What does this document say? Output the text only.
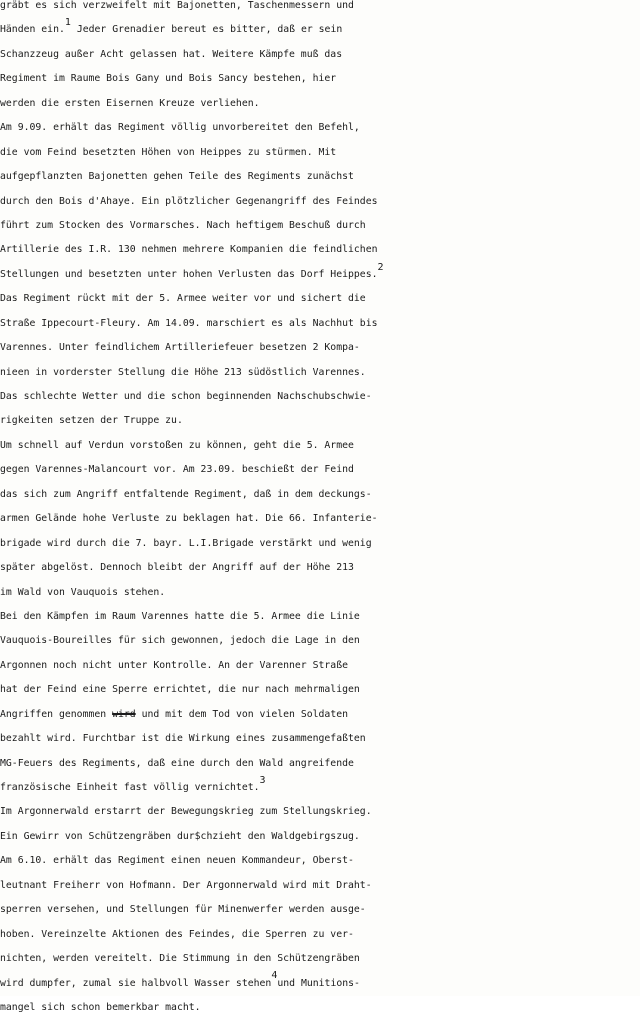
gräbt es sich verzweifelt mit Bajonetten, Taschenmessern und
Händen ein.$^1$ Jeder Grenadier bereut es bitter, daß er sein
Schanzzeug außer Acht gelassen hat. Weitere Kämpfe muß das
Regiment im Raume Bois Gany und Bois Sancy bestehen, hier
werden die ersten Eisernen Kreuze verliehen.
Am 9.09. erhält das Regiment völlig unvorbereitet den Befehl,
die vom Feind besetzten Höhen von Heippes zu stürmen. Mit
aufgepflanzten Bajonetten gehen Teile des Regiments zunächst
durch den Bois d'Ahaye. Ein plötzlicher Gegenangriff des Feindes
führt zum Stocken des Vormarsches. Nach heftigem Beschuß durch
Artillerie des I.R. 130 nehmen mehrere Kompanien die feindlichen
Stellungen und besetzten unter hohen Verlusten das Dorf Heippes.$^2$
Das Regiment rückt mit der 5. Armee weiter vor und sichert die
Straße Ippecourt-Fleury. Am 14.09. marschiert es als Nachhut bis
Varennes. Unter feindlichem Artilleriefeuer besetzen 2 Kompa-
nieen in vorderster Stellung die Höhe 213 südöstlich Varennes.
Das schlechte Wetter und die schon beginnenden Nachschubschwie-
rigkeiten setzen der Truppe zu.
Um schnell auf Verdun vorstoßen zu können, geht die 5. Armee
gegen Varennes-Malancourt vor. Am 23.09. beschießt der Feind
das sich zum Angriff entfaltende Regiment, daß in dem deckungs-
armen Gelände hohe Verluste zu beklagen hat. Die 66. Infanterie-
brigade wird durch die 7. bayr. L.I.Brigade verstärkt und wenig
später abgelöst. Dennoch bleibt der Angriff auf der Höhe 213
im Wald von Vauquois stehen.
Bei den Kämpfen im Raum Varennes hatte die 5. Armee die Linie
Vauquois-Boureilles für sich gewonnen, jedoch die Lage in den
Argonnen noch nicht unter Kontrolle. An der Varenner Straße
hat der Feind eine Sperre errichtet, die nur nach mehrmaligen
Angriffen genommen wird und mit dem Tod von vielen Soldaten
bezahlt wird. Furchtbar ist die Wirkung eines zusammengefaßten
MG-Feuers des Regiments, daß eine durch den Wald angreifende
französische Einheit fast völlig vernichtet.$^3$
Im Argonnerwald erstarrt der Bewegungskrieg zum Stellungskrieg.
Ein Gewirr von Schützengräben dur$chzieht den Waldgebirgszug.
Am 6.10. erhält das Regiment einen neuen Kommandeur, Oberst-
leutnant Freiherr von Hofmann. Der Argonnerwald wird mit Draht-
sperren versehen, und Stellungen für Minenwerfer werden ausge-
hoben. Vereinzelte Aktionen des Feindes, die Sperren zu ver-
nichten, werden vereitelt. Die Stimmung in den Schützengräben
wird dumpfer, zumal sie halbvoll Wasser stehen$^4$und Munitions-
mangel sich schon bemerkbar macht.
